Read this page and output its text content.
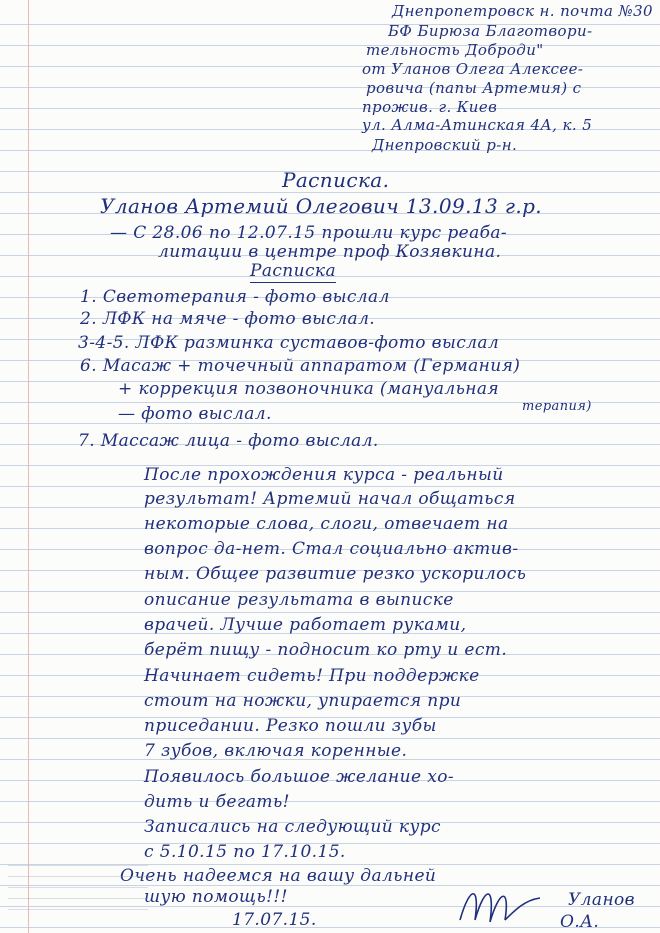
Днепропетровск н. почта №30
БФ Бирюза Благотвори-
тельность Доброди"
от Уланов Олега Алексее-
ровича (папы Артемия) с
прожив. г. Киев
ул. Алма-Атинская 4А, к. 5
Днепровский р-н.
Расписка.
Уланов Артемий Олегович 13.09.13 г.р.
— С 28.06 по 12.07.15 прошли курс реаба-
литации в центре проф Козявкина.
Расписка
1. Светотерапия - фото выслал
2. ЛФК на мяче - фото выслал.
3-4-5. ЛФК разминка суставов-фото выслал
6. Масаж + точечный аппаратом (Германия)
+ коррекция позвоночника (мануальная
терапия)
— фото выслал.
7. Массаж лица - фото выслал.
После прохождения курса - реальный
результат! Артемий начал общаться
некоторые слова, слоги, отвечает на
вопрос да-нет. Стал социально актив-
ным. Общее развитие резко ускорилось
описание результата в выписке
врачей. Лучше работает руками,
берёт пищу - подносит ко рту и ест.
Начинает сидеть! При поддержке
стоит на ножки, упирается при
приседании. Резко пошли зубы
7 зубов, включая коренные.
Появилось большое желание хо-
дить и бегать!
Записались на следующий курс
с 5.10.15 по 17.10.15.
Очень надеемся на вашу дальней
шую помощь!!!
17.07.15.
Уланов
О.А.
